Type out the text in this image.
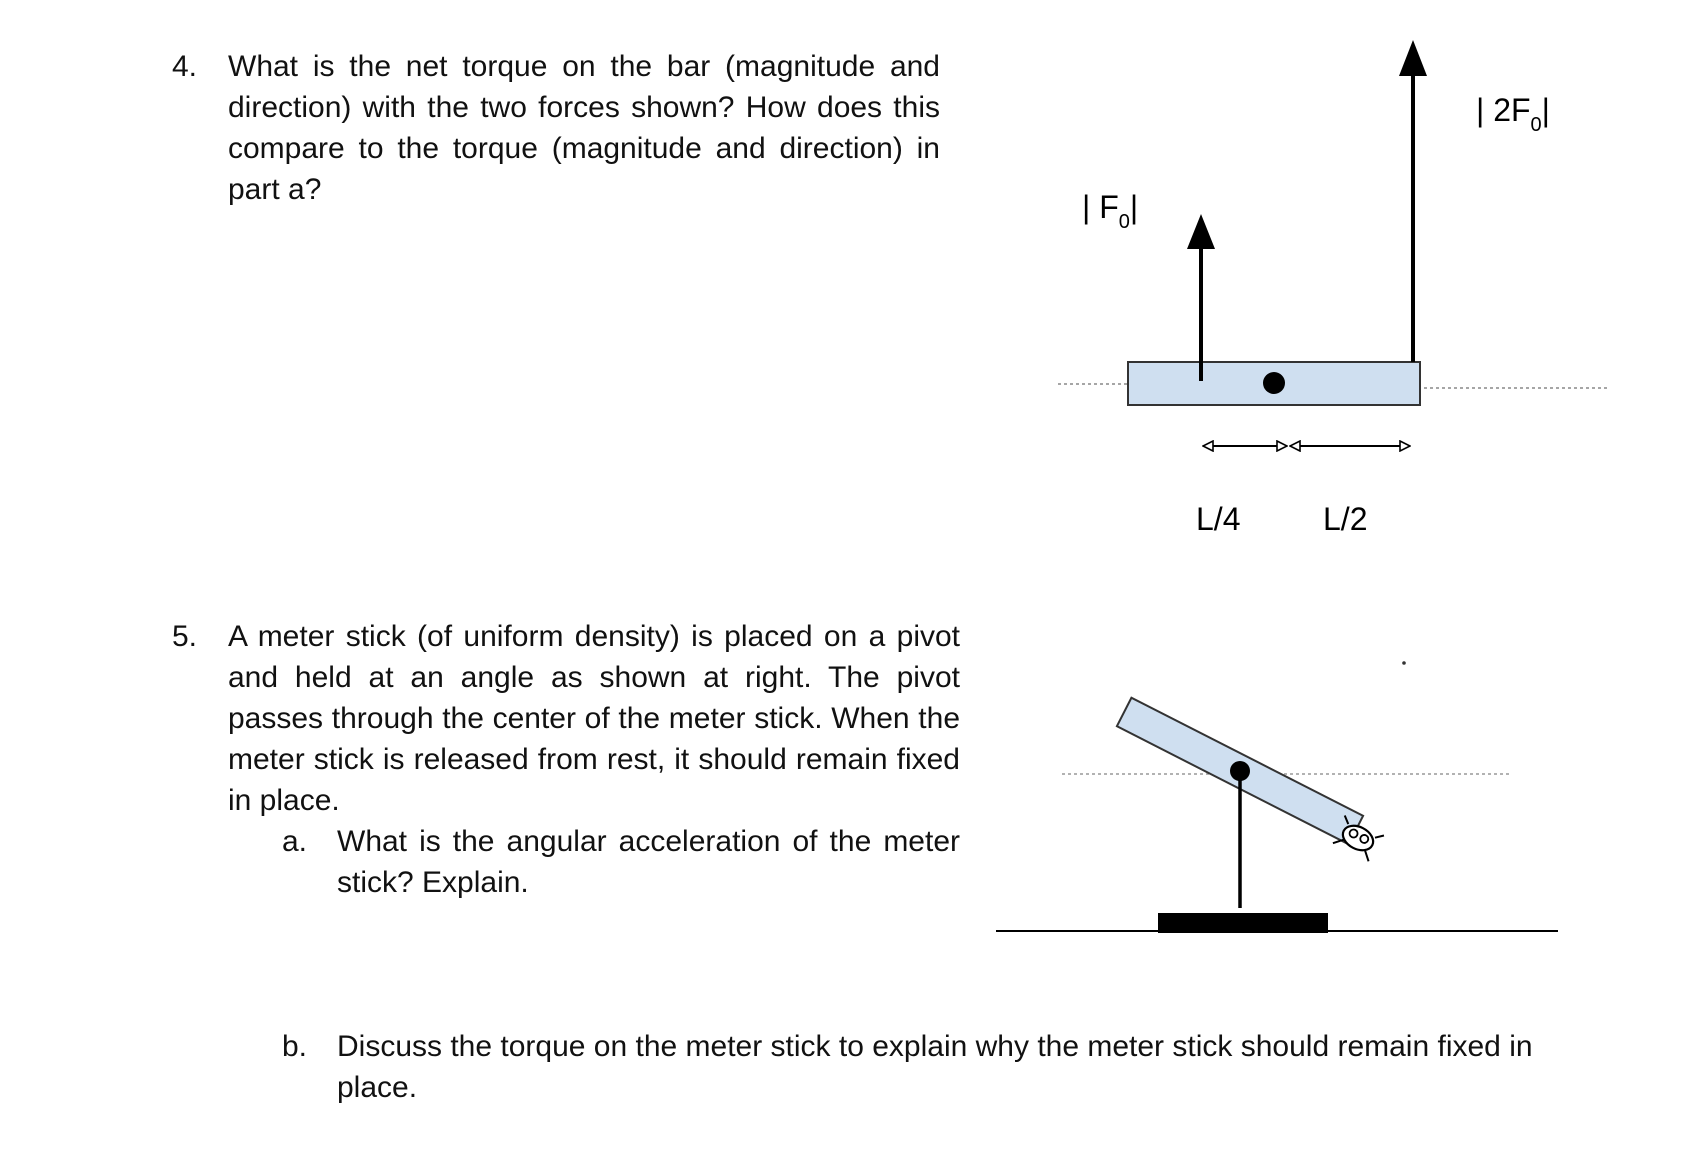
4. What is the net torque on the bar (magnitude and direction) with the two forces shown? How does this compare to the torque (magnitude and direction) in part a?
5. A meter stick (of uniform density) is placed on a pivot and held at an angle as shown at right. The pivot passes through the center of the meter stick. When the meter stick is released from rest, it should remain fixed in place.
a. What is the angular acceleration of the meter stick? Explain.
b. Discuss the torque on the meter stick to explain why the meter stick should remain fixed in place.
| $F_0|$
| $2F_0|$
L/4	L/2
